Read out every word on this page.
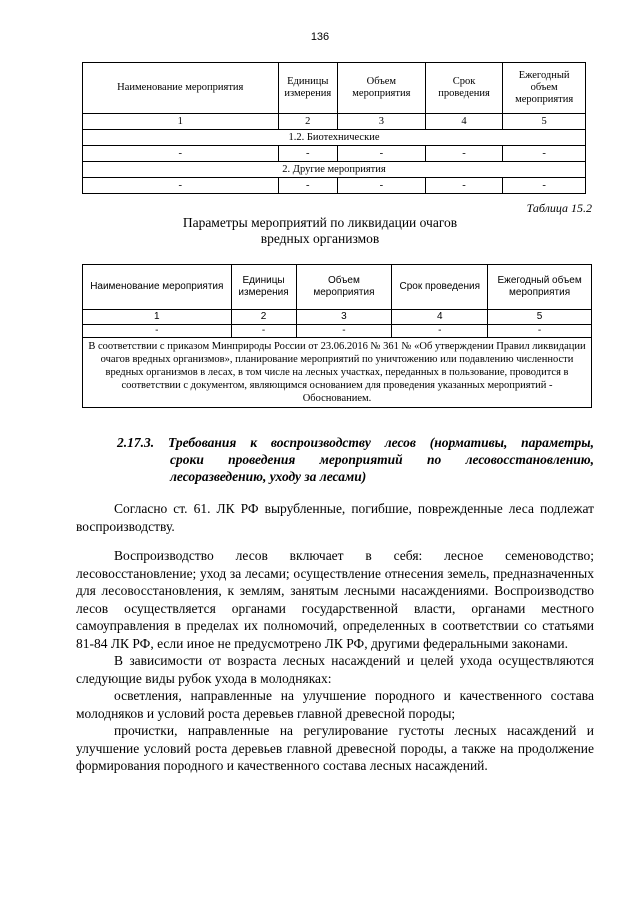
136
Наименование мероприятия	Единицы измерения	Объем мероприятия	Срок проведения	Ежегодный объем мероприятия
1	2	3	4	5
1.2. Биотехнические				
-	-	-	-	-
2. Другие мероприятия				
-	-	-	-	-
Таблица 15.2
Параметры мероприятий по ликвидации очагов
вредных организмов
Наименование мероприятия	Единицы измерения	Объем мероприятия	Срок проведения	Ежегодный объем мероприятия
1	2	3	4	5
-	-	-	-	-
В соответствии с приказом Минприроды России от 23.06.2016 № 361 № «Об утверждении Правил ликвидации очагов вредных организмов», планирование мероприятий по уничтожению или подавлению численности вредных организмов в лесах, в том числе на лесных участках, переданных в пользование, проводится в соответствии с документом, являющимся основанием для проведения указанных мероприятий - Обоснованием.				
2.17.3. Требования к воспроизводству лесов (нормативы, параметры,
сроки проведения мероприятий по лесовосстановлению,
лесоразведению, уходу за лесами)

Согласно ст. 61. ЛК РФ вырубленные, погибшие, поврежденные леса подлежат воспроизводству.

Воспроизводство лесов включает в себя: лесное семеноводство; лесовосстановление; уход за лесами; осуществление отнесения земель, предназначенных для лесовосстановления, к землям, занятым лесными насаждениями. Воспроизводство лесов осуществляется органами государственной власти, органами местного самоуправления в пределах их полномочий, определенных в соответствии со статьями 81-84 ЛК РФ, если иное не предусмотрено ЛК РФ, другими федеральными законами.

В зависимости от возраста лесных насаждений и целей ухода осуществляются следующие виды рубок ухода в молодняках:

осветления, направленные на улучшение породного и качественного состава молодняков и условий роста деревьев главной древесной породы;

прочистки, направленные на регулирование густоты лесных насаждений и улучшение условий роста деревьев главной древесной породы, а также на продолжение формирования породного и качественного состава лесных насаждений.
